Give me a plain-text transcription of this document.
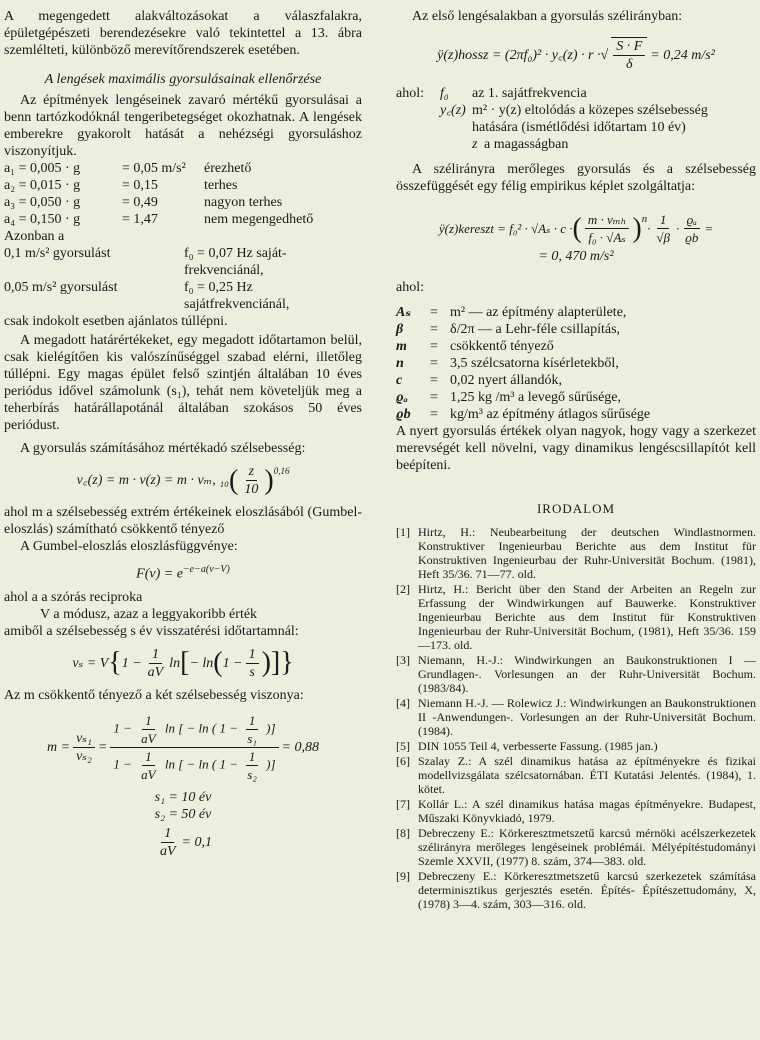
A megengedett alakváltozásokat a válaszfalakra, épületgépészeti berendezésekre való tekintettel a 13. ábra szemlélteti, különböző merevítőrendszerek esetében.

A lengések maximális gyorsulásainak ellenőrzése

Az építmények lengéseinek zavaró mértékű gyorsulásai a benn tartózkodóknál tengeribetegséget okozhatnak. A lengések emberekre gyakorolt hatását a nehézségi gyorsuláshoz viszonyítjuk.

a₁ = 0,005 · g	= 0,05 m/s²	érezhető
a₂ = 0,015 · g	= 0,15	terhes
a₃ = 0,050 · g	= 0,49	nagyon terhes
a₄ = 0,150 · g	= 1,47	nem megengedhető

Azonban a

0,1 m/s² gyorsulást	f₀ = 0,07 Hz saját-
frekvenciánál,
0,05 m/s² gyorsulást	f₀ = 0,25 Hz
sajátfrekvenciánál,

csak indokolt esetben ajánlatos túllépni.

A megadott határértékeket, egy megadott időtartamon belül, csak kielégítően kis valószínűséggel szabad elérni, illetőleg túllépni. Egy magas épület felső szintjén általában 10 éves periódus idővel számolunk (s₁), tehát nem követeljük meg a teherbírás határállapotánál általában szokásos 50 éves periódust.

A gyorsulás számításához mértékadó szélsebesség:

v꜀(z) = m · v(z) = m · vₘ, ₁₀ ( $\frac{z}{10} )^{0,16}$

ahol m a szélsebesség extrém értékeinek eloszlásából (Gumbel-eloszlás) számítható csökkentő tényező

A Gumbel-eloszlás eloszlásfüggvénye:

$F(v) = e^{-e-a(v-V)}$

ahol a a szórás reciproka

V a módusz, azaz a leggyakoribb érték

amiből a szélsebesség s év visszatérési időtartamnál:

vₛ = V { $1 - \frac{1}{aV}$ ln [ − ln ( $1 - \frac{1}{s}$ )]}

Az m csökkentő tényező a két szélsebesség viszonya:

$m = \frac{\text{vₛ₁}}{\text{vₛ₂}} = \frac{1 - \frac{1}{aV} \ln [ - \ln ( 1 - \frac{1}{\text{s₁}} )]}{1 - \frac{1}{aV} \ln [ - \ln ( 1 - \frac{1}{\text{s₂}} )]} = 0,88$
s₁ = 10 év
s₂ = 50 év
$\frac{1}{aV} = 0,1$

Az első lengésalakban a gyorsulás szélirányban:

ÿ(z)hossz = (2πf₀)² · y꜀(z) · r · √ $\frac{S \cdot F}{\delta} = 0,24$ m/s²
ahol:	f₀	az 1. sajátfrekvencia
y꜀(z) m² · y(z) eltolódás a közepes szélsebesség hatására (ismétlődési időtartam 10 év)
z a magasságban

A szélirányra merőleges gyorsulás és a szélsebesség összefüggését egy félig empirikus képlet szolgáltatja:

ÿ(z)kereszt = f₀² · √Aₛ · c · ( $\frac{\text{m · vₘₕ}}{\text{f₀ · √Aₛ}} )^n$
· $\frac{1}{√\beta} \cdot \frac{\text{ϱₐ}}{ϱb}$ =
= 0, 470 m/s²

ahol:

Aₛ	= m² — az építmény alapterülete,
β	= δ/2π — a Lehr-féle csillapítás,
m	= csökkentő tényező
n	= 3,5 szélcsatorna kísérletekből,
c	= 0,02 nyert állandók,
ϱₐ	= 1,25 kg /m³ a levegő sűrűsége,
ϱb	= kg/m³ az építmény átlagos sűrűsége

A nyert gyorsulás értékek olyan nagyok, hogy vagy a szerkezet merevségét kell növelni, vagy dinamikus lengéscsillapítót kell beépíteni.

IRODALOM
[1] Hirtz, H.: Neubearbeitung der deutschen Windlastnormen. Konstruktiver Ingenieurbau Berichte aus dem Institut für Konstruktiven Ingenieurbau der Ruhr-Universität Bochum. (1981), Heft 35/36. 71—77. old.
[2] Hirtz, H.: Bericht über den Stand der Arbeiten an Regeln zur Erfassung der Windwirkungen auf Bauwerke. Konstruktiver Ingenieurbau Berichte aus dem Institut für Konstruktiven Ingenieurbau der Ruhr-Universität Bochum, (1981), Heft 35/36. 159—173. old.
[3] Niemann, H.-J.: Windwirkungen an Baukonstruktionen I — Grundlagen-. Vorlesungen an der Ruhr-Universität Bochum. (1983/84).
[4] Niemann H.-J. — Rolewicz J.: Windwirkungen an Baukonstruktionen II -Anwendungen-. Vorlesungen an der Ruhr-Universität Bochum. (1984).
[5] DIN 1055 Teil 4, verbesserte Fassung. (1985 jan.)
[6] Szalay Z.: A szél dinamikus hatása az építményekre és fizikai modellvizsgálata szélcsatornában. ÉTI Kutatási Jelentés. (1984), 1. kötet.
[7] Kollár L.: A szél dinamikus hatása magas építményekre. Budapest, Műszaki Könyvkiadó, 1979.
[8] Debreczeny E.: Körkeresztmetszetű karcsú mérnöki acélszerkezetek szélirányra merőleges lengéseinek problémái. Mélyépítéstudományi Szemle XXVII, (1977) 8. szám, 374—383. old.
[9] Debreczeny E.: Körkeresztmetszetű karcsú szerkezetek számítása determinisztikus gerjesztés esetén. Építés- Építészettudomány, X, (1978) 3—4. szám, 303—316. old.
